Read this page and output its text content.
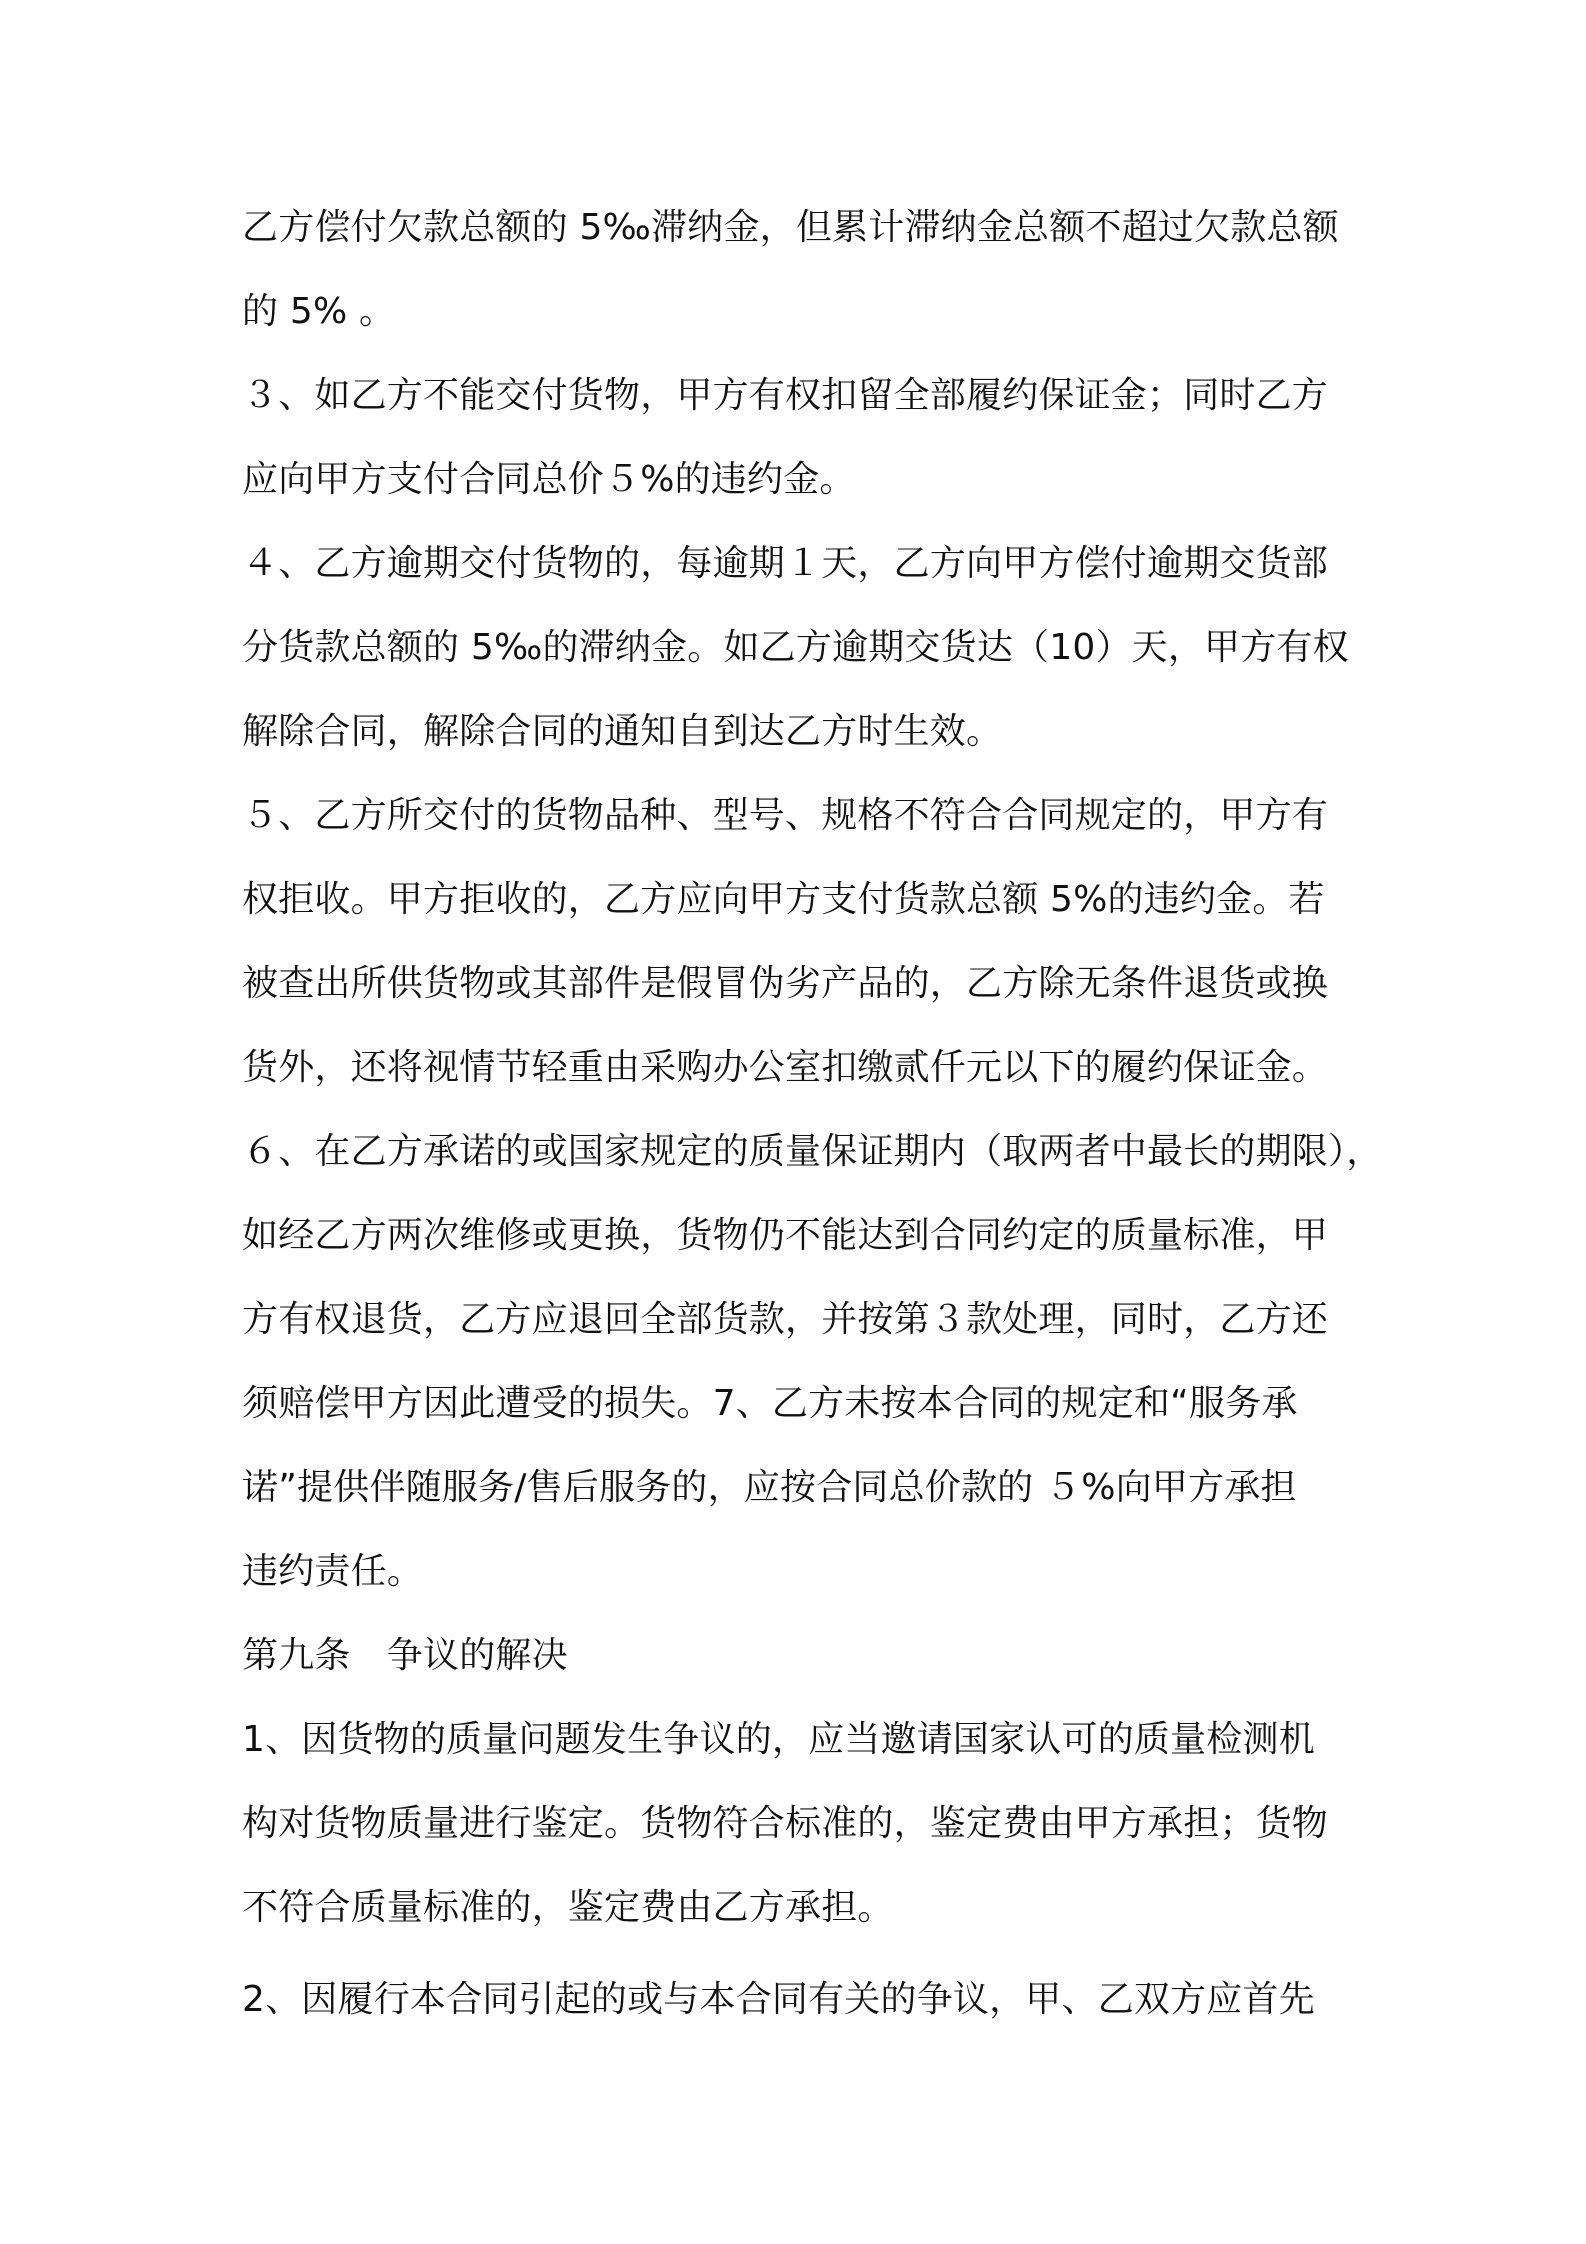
乙方偿付欠款总额的 5‰滞纳金，但累计滞纳金总额不超过欠款总额
的 5% 。
３、如乙方不能交付货物，甲方有权扣留全部履约保证金；同时乙方
应向甲方支付合同总价５%的违约金。
４、乙方逾期交付货物的，每逾期１天，乙方向甲方偿付逾期交货部
分货款总额的 5‰的滞纳金。如乙方逾期交货达（10）天，甲方有权
解除合同，解除合同的通知自到达乙方时生效。
５、乙方所交付的货物品种、型号、规格不符合合同规定的，甲方有
权拒收。甲方拒收的，乙方应向甲方支付货款总额 5%的违约金。若
被查出所供货物或其部件是假冒伪劣产品的，乙方除无条件退货或换
货外，还将视情节轻重由采购办公室扣缴贰仟元以下的履约保证金。
６、在乙方承诺的或国家规定的质量保证期内（取两者中最长的期限），
如经乙方两次维修或更换，货物仍不能达到合同约定的质量标准，甲
方有权退货，乙方应退回全部货款，并按第３款处理，同时，乙方还
须赔偿甲方因此遭受的损失。7、乙方未按本合同的规定和“服务承
诺”提供伴随服务/售后服务的，应按合同总价款的 ５%向甲方承担
违约责任。
第九条　争议的解决
1、因货物的质量问题发生争议的，应当邀请国家认可的质量检测机
构对货物质量进行鉴定。货物符合标准的，鉴定费由甲方承担；货物
不符合质量标准的，鉴定费由乙方承担。
2、因履行本合同引起的或与本合同有关的争议，甲、乙双方应首先
